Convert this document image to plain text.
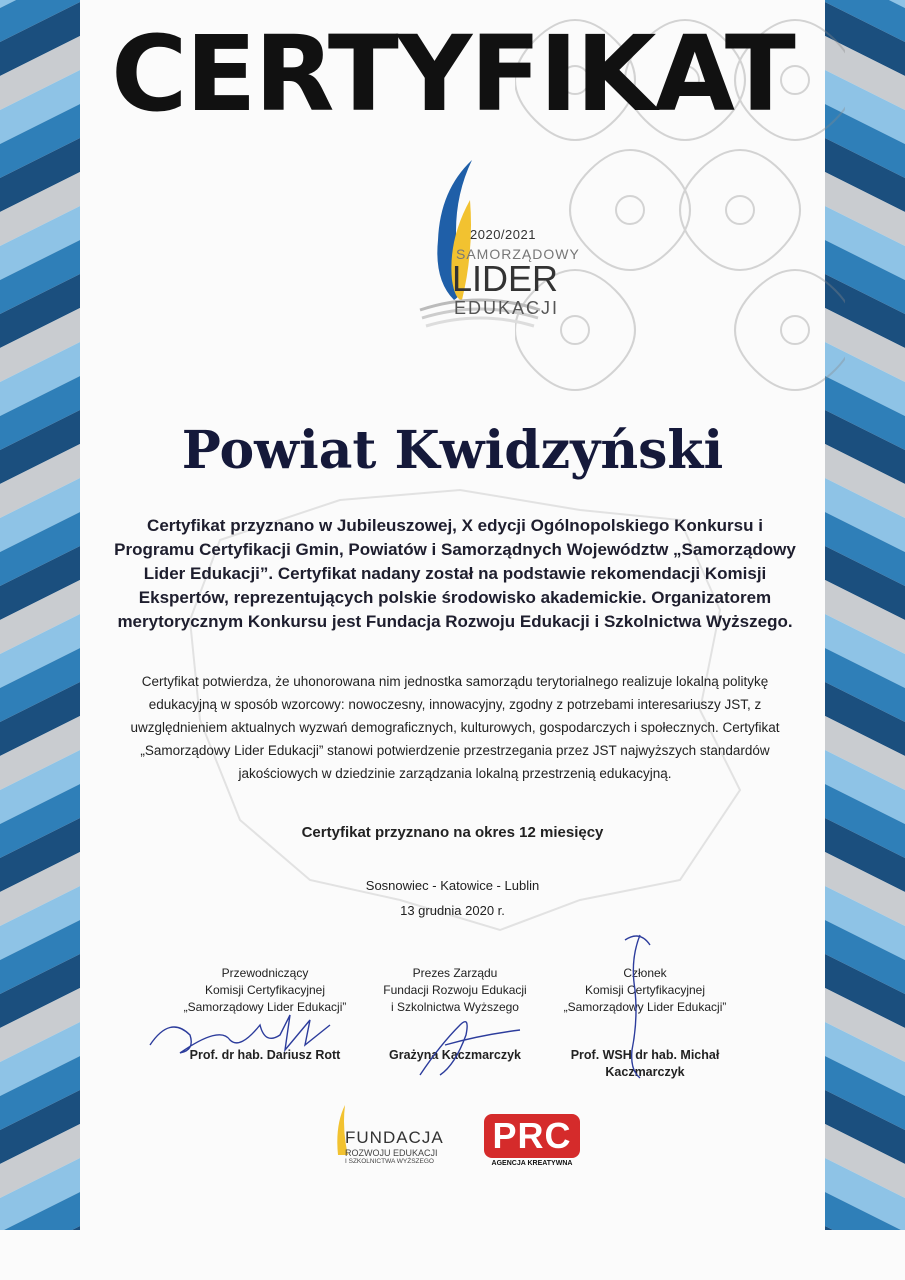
CERTYFIKAT
2020/2021
SAMORZĄDOWY
LIDER
EDUKACJI
Powiat Kwidzyński
Certyfikat przyznano w Jubileuszowej, X edycji Ogólnopolskiego Konkursu i Programu Certyfikacji Gmin, Powiatów i Samorządnych Województw „Samorządowy Lider Edukacji”. Certyfikat nadany został na podstawie rekomendacji Komisji Ekspertów, reprezentujących polskie środowisko akademickie. Organizatorem merytorycznym Konkursu jest Fundacja Rozwoju Edukacji i Szkolnictwa Wyższego.
Certyfikat potwierdza, że uhonorowana nim jednostka samorządu terytorialnego realizuje lokalną politykę edukacyjną w sposób wzorcowy: nowoczesny, innowacyjny, zgodny z potrzebami interesariuszy JST, z uwzględnieniem aktualnych wyzwań demograficznych, kulturowych, gospodarczych i społecznych. Certyfikat „Samorządowy Lider Edukacji” stanowi potwierdzenie przestrzegania przez JST najwyższych standardów jakościowych w dziedzinie zarządzania lokalną przestrzenią edukacyjną.
Certyfikat przyznano na okres 12 miesięcy
Sosnowiec - Katowice - Lublin
13 grudnia 2020 r.
Przewodniczący
Komisji Certyfikacyjnej
„Samorządowy Lider Edukacji”
Prof. dr hab. Dariusz Rott
Prezes Zarządu
Fundacji Rozwoju Edukacji
i Szkolnictwa Wyższego
Grażyna Kaczmarczyk
Członek
Komisji Certyfikacyjnej
„Samorządowy Lider Edukacji”
Prof. WSH dr hab. Michał Kaczmarczyk
FUNDACJA
ROZWOJU EDUKACJI
I SZKOLNICTWA WYŻSZEGO
PRC
AGENCJA KREATYWNA
